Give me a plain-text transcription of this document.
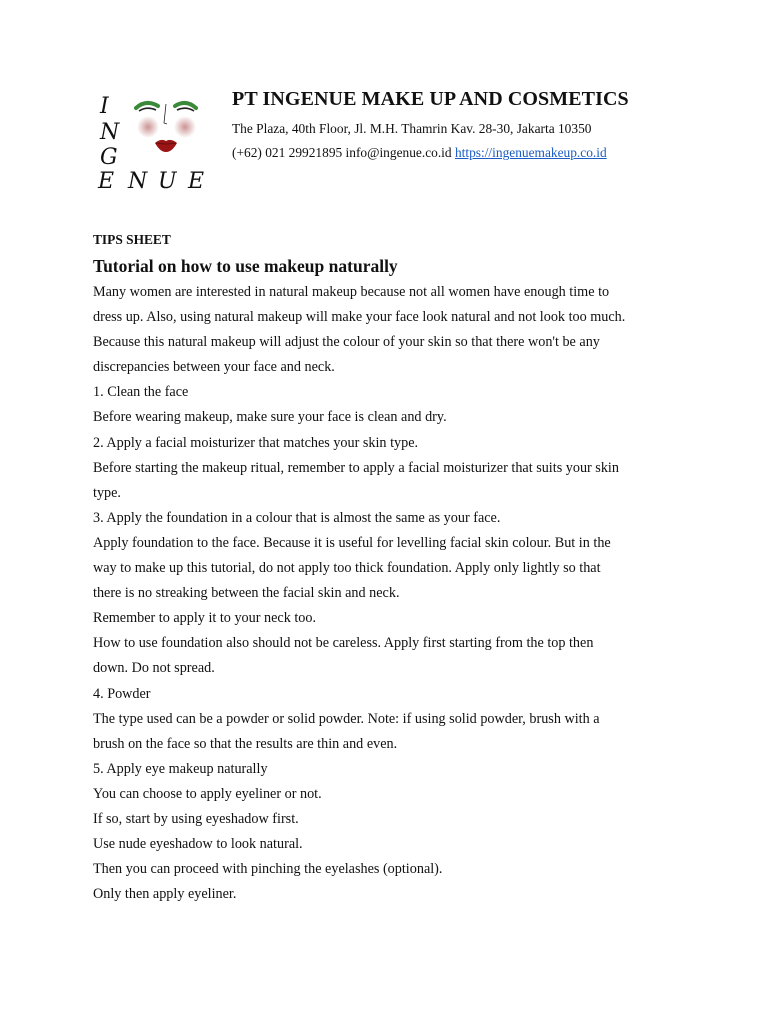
I
N
G
E N U E

PT INGENUE MAKE UP AND COSMETICS

The Plaza, 40th Floor, Jl. M.H. Thamrin Kav. 28-30, Jakarta 10350

(+62) 021 29921895 info@ingenue.co.id https://ingenuemakeup.co.id

TIPS SHEET

Tutorial on how to use makeup naturally

Many women are interested in natural makeup because not all women have enough time to

dress up. Also, using natural makeup will make your face look natural and not look too much.

Because this natural makeup will adjust the colour of your skin so that there won't be any

discrepancies between your face and neck.

1. Clean the face

Before wearing makeup, make sure your face is clean and dry.

2. Apply a facial moisturizer that matches your skin type.

Before starting the makeup ritual, remember to apply a facial moisturizer that suits your skin

type.

3. Apply the foundation in a colour that is almost the same as your face.

Apply foundation to the face. Because it is useful for levelling facial skin colour. But in the

way to make up this tutorial, do not apply too thick foundation. Apply only lightly so that

there is no streaking between the facial skin and neck.

Remember to apply it to your neck too.

How to use foundation also should not be careless. Apply first starting from the top then

down. Do not spread.

4. Powder

The type used can be a powder or solid powder. Note: if using solid powder, brush with a

brush on the face so that the results are thin and even.

5. Apply eye makeup naturally

You can choose to apply eyeliner or not.

If so, start by using eyeshadow first.

Use nude eyeshadow to look natural.

Then you can proceed with pinching the eyelashes (optional).

Only then apply eyeliner.
